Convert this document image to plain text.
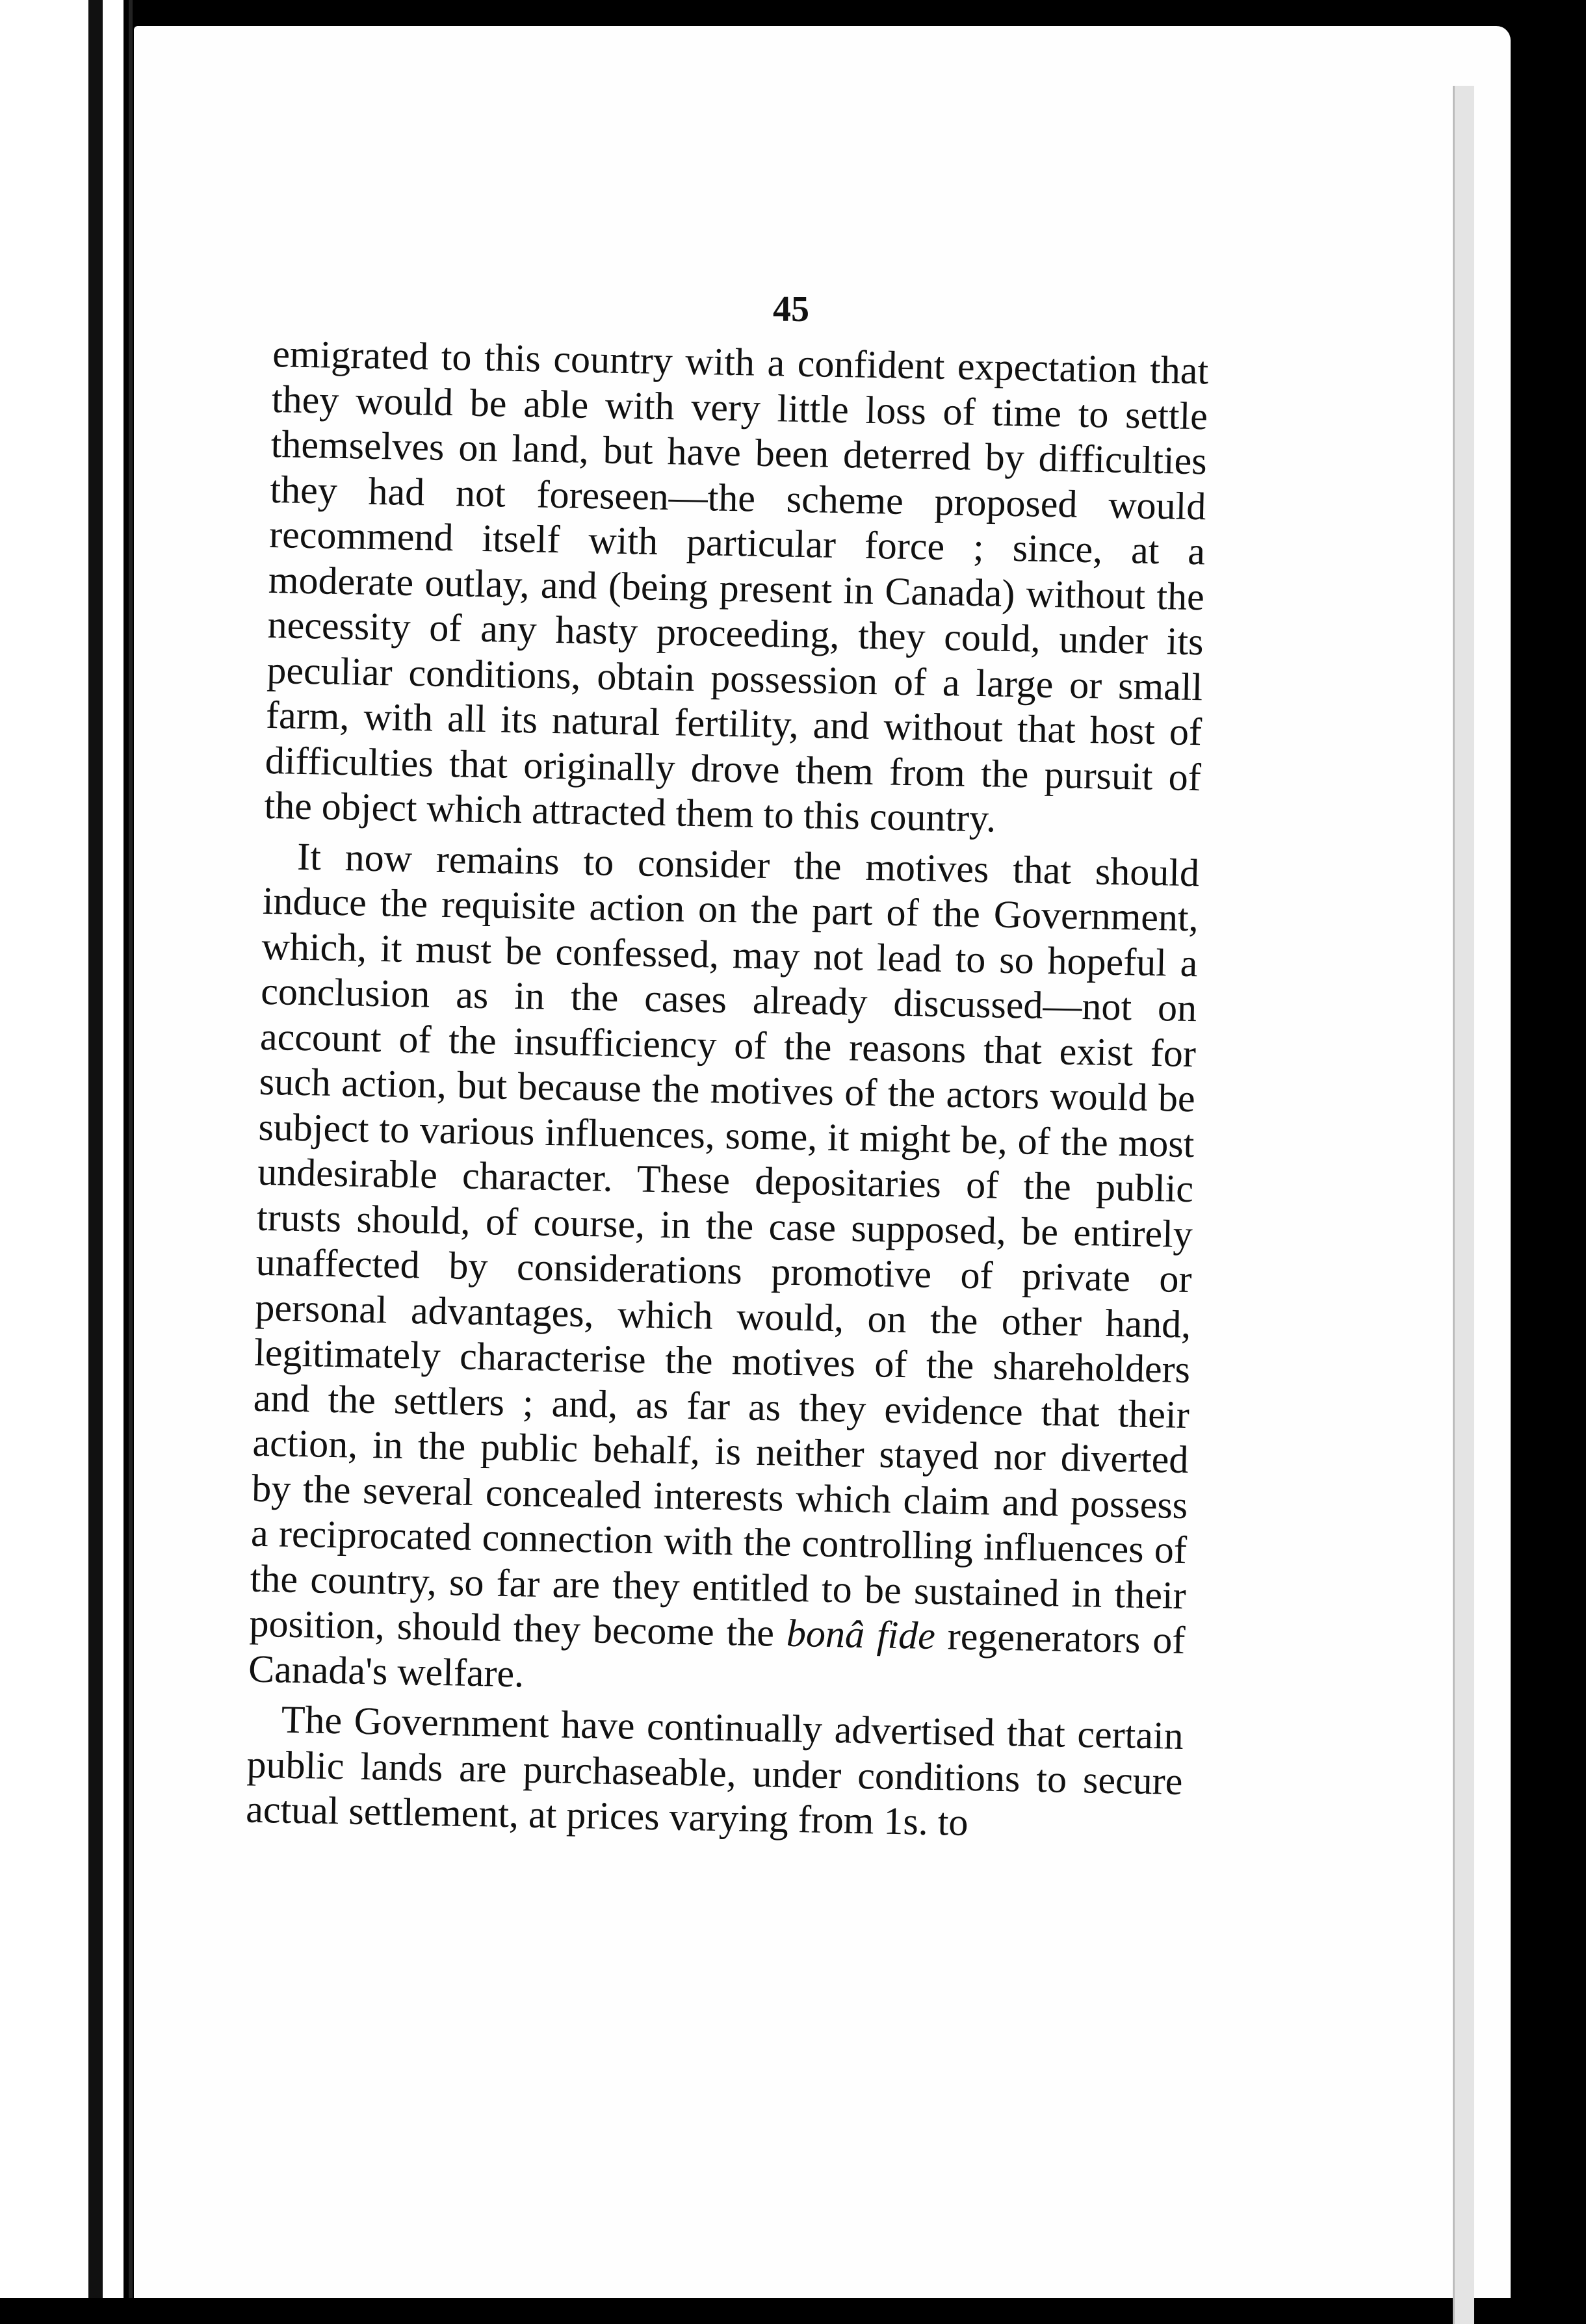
45

emigrated to this country with a confident expectation that they would be able with very little loss of time to settle themselves on land, but have been deterred by difficulties they had not foreseen—the scheme proposed would recommend itself with particular force ; since, at a moderate outlay, and (being present in Canada) without the necessity of any hasty proceeding, they could, under its peculiar conditions, obtain possession of a large or small farm, with all its natural fertility, and without that host of difficulties that originally drove them from the pursuit of the object which attracted them to this country.

It now remains to consider the motives that should induce the requisite action on the part of the Government, which, it must be confessed, may not lead to so hopeful a conclusion as in the cases already discussed—not on account of the insufficiency of the reasons that exist for such action, but because the motives of the actors would be subject to various influences, some, it might be, of the most undesirable character. These depositaries of the public trusts should, of course, in the case supposed, be entirely unaffected by considerations promotive of private or personal advantages, which would, on the other hand, legitimately characterise the motives of the shareholders and the settlers ; and, as far as they evidence that their action, in the public behalf, is neither stayed nor diverted by the several concealed interests which claim and possess a reciprocated connection with the controlling influences of the country, so far are they entitled to be sustained in their position, should they become the bonâ fide regenerators of Canada's welfare.

The Government have continually advertised that certain public lands are purchaseable, under conditions to secure actual settlement, at prices varying from 1s. to
